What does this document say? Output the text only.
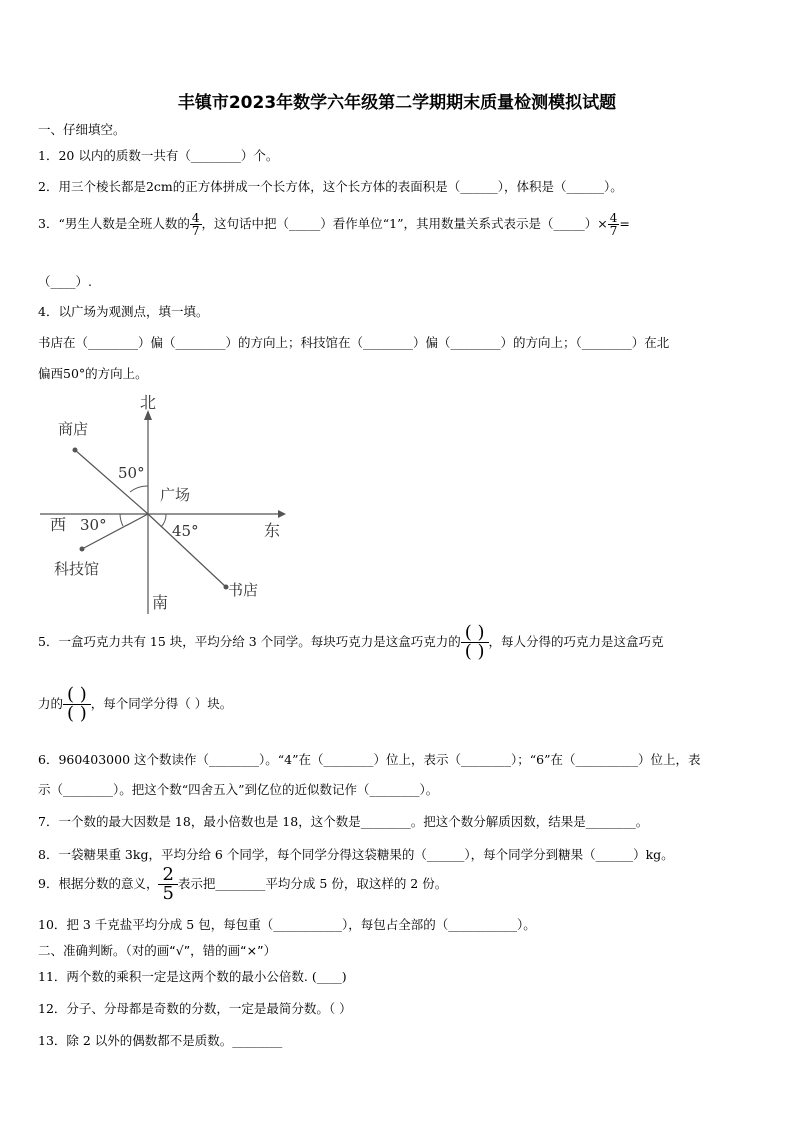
丰镇市2023年数学六年级第二学期期末质量检测模拟试题
一、仔细填空。
1．20 以内的质数一共有（________）个。
2．用三个棱长都是2cm的正方体拼成一个长方体，这个长方体的表面积是（______），体积是（______）。
3．“男生人数是全班人数的 $\frac{4}{7}$ ，这句话中把（_____）看作单位“1”，其用数量关系式表示是（_____）× $\frac{4}{7}$ =
（____）.
4．以广场为观测点，填一填。
书店在（________）偏（________）的方向上；科技馆在（________）偏（________）的方向上；（________）在北
偏西50°的方向上。
北
南
东
西
广场
商店
科技馆
书店
50°
30°	45°
5．一盒巧克力共有 15 块，平均分给 3 个同学。每块巧克力是这盒巧克力的 ( )
( ) ，每人分得的巧克力是这盒巧克
力的 ( )
( ) ，每个同学分得（ ）块。
6．960403000 这个数读作（________）。“4”在（________）位上，表示（________）；“6”在（__________）位上，表
示（________）。把这个数“四舍五入”到亿位的近似数记作（________）。
7．一个数的最大因数是 18，最小倍数也是 18，这个数是________。把这个数分解质因数，结果是________。
8．一袋糖果重 3kg，平均分给 6 个同学，每个同学分得这袋糖果的（______），每个同学分到糖果（______）kg。
9．根据分数的意义， $\frac{2}{5}$ 表示把________平均分成 5 份，取这样的 2 份。
10．把 3 千克盐平均分成 5 包，每包重（___________），每包占全部的（___________）。
二、准确判断。（对的画“√”，错的画“×”）
11．两个数的乘积一定是这两个数的最小公倍数. (____)
12．分子、分母都是奇数的分数，一定是最简分数。（ ）
13．除 2 以外的偶数都不是质数。________
